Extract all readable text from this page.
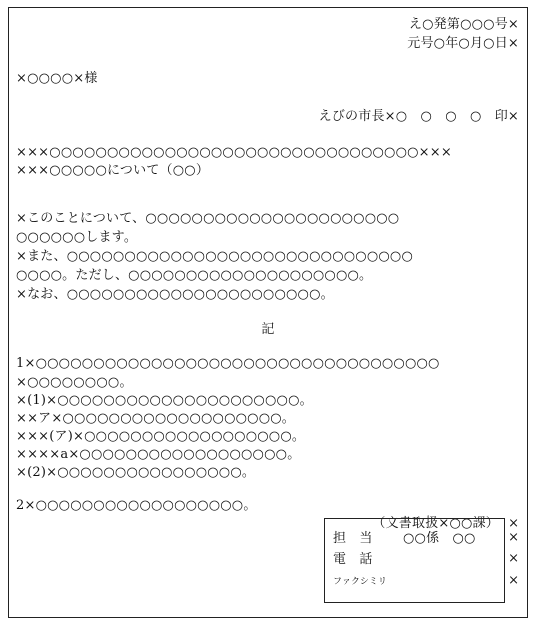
え○発第○○○号×
元号○年○月○日×
×○○○○×様
えびの市長×○　○　○　○　印×
×××○○○○○○○○○○○○○○○○○○○○○○○○○○○○○○○○×××
×××○○○○○について（○○）
×このことについて、○○○○○○○○○○○○○○○○○○○○○○
○○○○○○します。
×また、○○○○○○○○○○○○○○○○○○○○○○○○○○○○○○
○○○○。ただし、○○○○○○○○○○○○○○○○○○○○。
×なお、○○○○○○○○○○○○○○○○○○○○○○。
記
1×○○○○○○○○○○○○○○○○○○○○○○○○○○○○○○○○○○○
×○○○○○○○○。
×(1)×○○○○○○○○○○○○○○○○○○○○○。
××ア×○○○○○○○○○○○○○○○○○○○。
×××(ア)×○○○○○○○○○○○○○○○○○○。
××××a×○○○○○○○○○○○○○○○○○○。
×(2)×○○○○○○○○○○○○○○○○。
2×○○○○○○○○○○○○○○○○○○。
（文書取扱×○○課） ×
担　当 ○○係　○○
電　話
ファクシミリ
×
×
×
